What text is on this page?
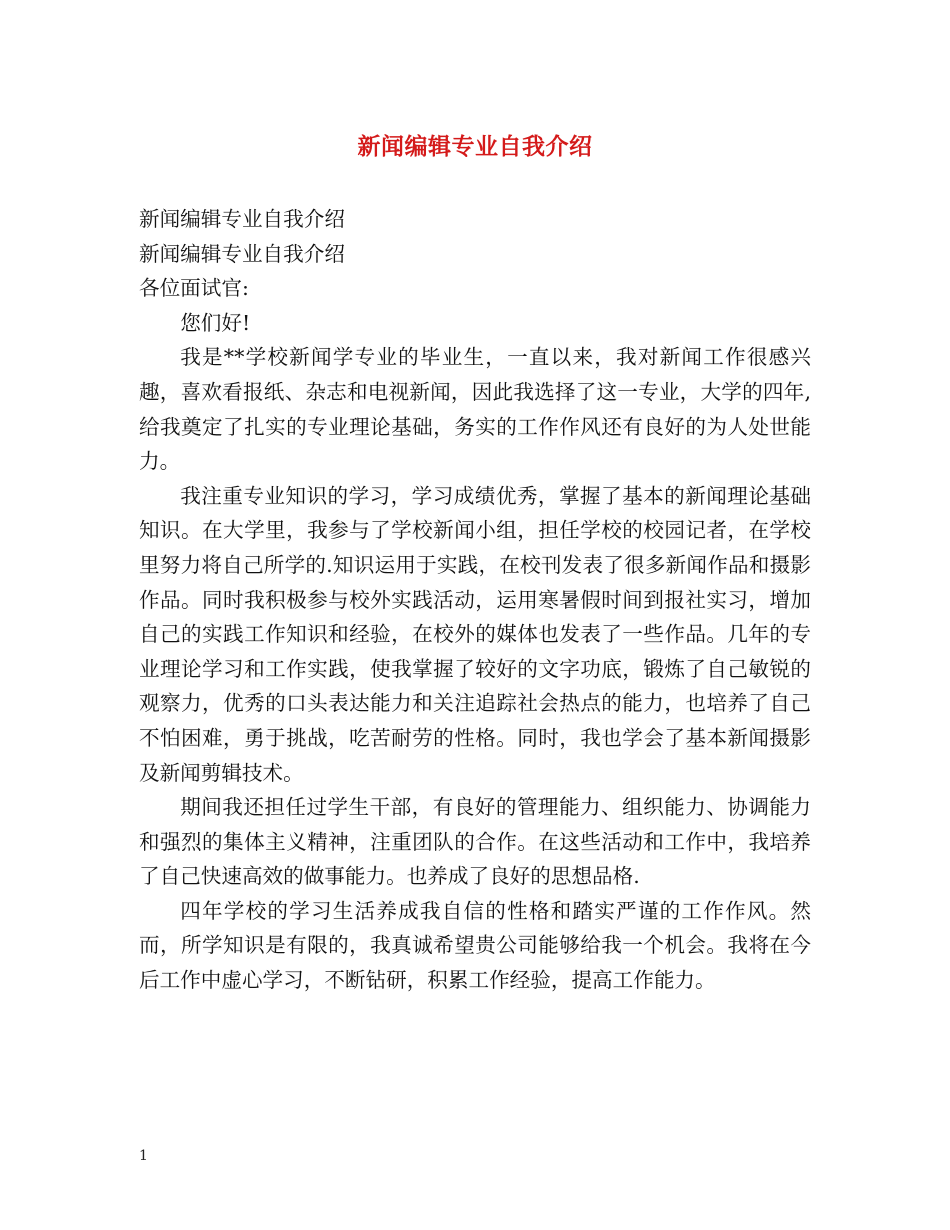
新闻编辑专业自我介绍

新闻编辑专业自我介绍

新闻编辑专业自我介绍

各位面试官:

您们好!

我是**学校新闻学专业的毕业生，一直以来，我对新闻工作很感兴趣，喜欢看报纸、杂志和电视新闻，因此我选择了这一专业，大学的四年,给我奠定了扎实的专业理论基础，务实的工作作风还有良好的为人处世能力。

我注重专业知识的学习，学习成绩优秀，掌握了基本的新闻理论基础知识。在大学里，我参与了学校新闻小组，担任学校的校园记者，在学校里努力将自己所学的.知识运用于实践，在校刊发表了很多新闻作品和摄影作品。同时我积极参与校外实践活动，运用寒暑假时间到报社实习，增加自己的实践工作知识和经验，在校外的媒体也发表了一些作品。几年的专业理论学习和工作实践，使我掌握了较好的文字功底，锻炼了自己敏锐的观察力，优秀的口头表达能力和关注追踪社会热点的能力，也培养了自己不怕困难，勇于挑战，吃苦耐劳的性格。同时，我也学会了基本新闻摄影及新闻剪辑技术。

期间我还担任过学生干部，有良好的管理能力、组织能力、协调能力和强烈的集体主义精神，注重团队的合作。在这些活动和工作中，我培养了自己快速高效的做事能力。也养成了良好的思想品格.

四年学校的学习生活养成我自信的性格和踏实严谨的工作作风。然而，所学知识是有限的，我真诚希望贵公司能够给我一个机会。我将在今后工作中虚心学习，不断钻研，积累工作经验，提高工作能力。

1
